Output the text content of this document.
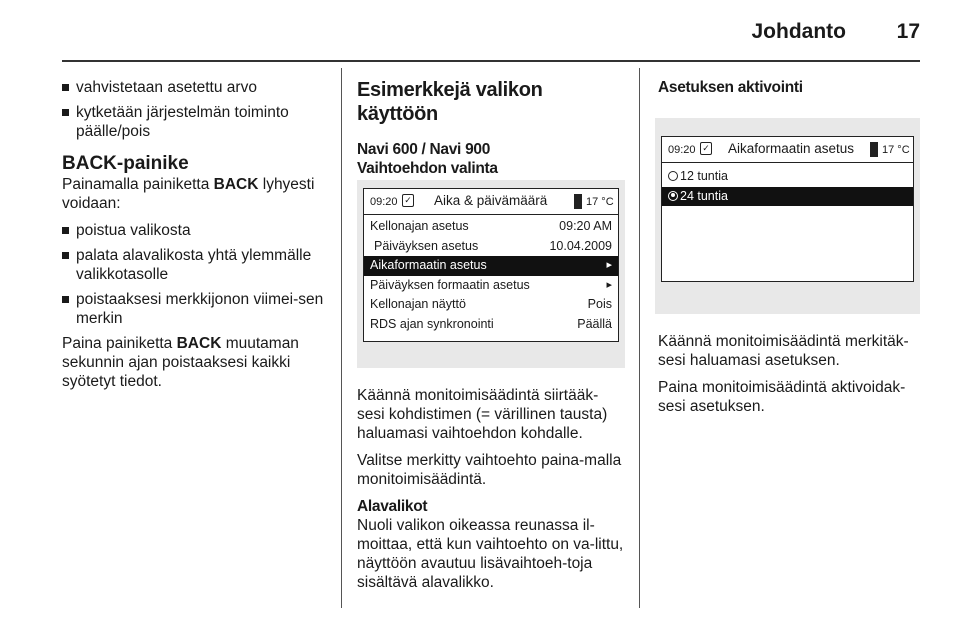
Johdanto	17
vahvistetaan asetettu arvo
kytketään järjestelmän toiminto päälle/pois
BACK-painike
Painamalla painiketta BACK lyhyesti voidaan:
poistua valikosta
palata alavalikosta yhtä ylemmälle valikkotasolle
poistaaksesi merkkijonon viimei-sen merkin
Paina painiketta BACK muutaman sekunnin ajan poistaaksesi kaikki syötetyt tiedot.
Esimerkkejä valikon käyttöön
Navi 600 / Navi 900
Vaihtoehdon valinta
09:20 ✓ Aika & päivämäärä	17 °C
Kellonajan asetus	09:20 AM
Päiväyksen asetus	10.04.2009
Aikaformaatin asetus	▸
Päiväyksen formaatin asetus	▸
Kellonajan näyttö	Pois
RDS ajan synkronointi	Päällä
Käännä monitoimisäädintä siirtääk-sesi kohdistimen (= värillinen tausta) haluamasi vaihtoehdon kohdalle.
Valitse merkitty vaihtoehto paina-malla monitoimisäädintä.
Alavalikot
Nuoli valikon oikeassa reunassa il-moittaa, että kun vaihtoehto on va-littu, näyttöön avautuu lisävaihtoeh-toja sisältävä alavalikko.
Asetuksen aktivointi
09:20 ✓ Aikaformaatin asetus	17 °C
12 tuntia
24 tuntia
Käännä monitoimisäädintä merkitäk-sesi haluamasi asetuksen.
Paina monitoimisäädintä aktivoidak-sesi asetuksen.
